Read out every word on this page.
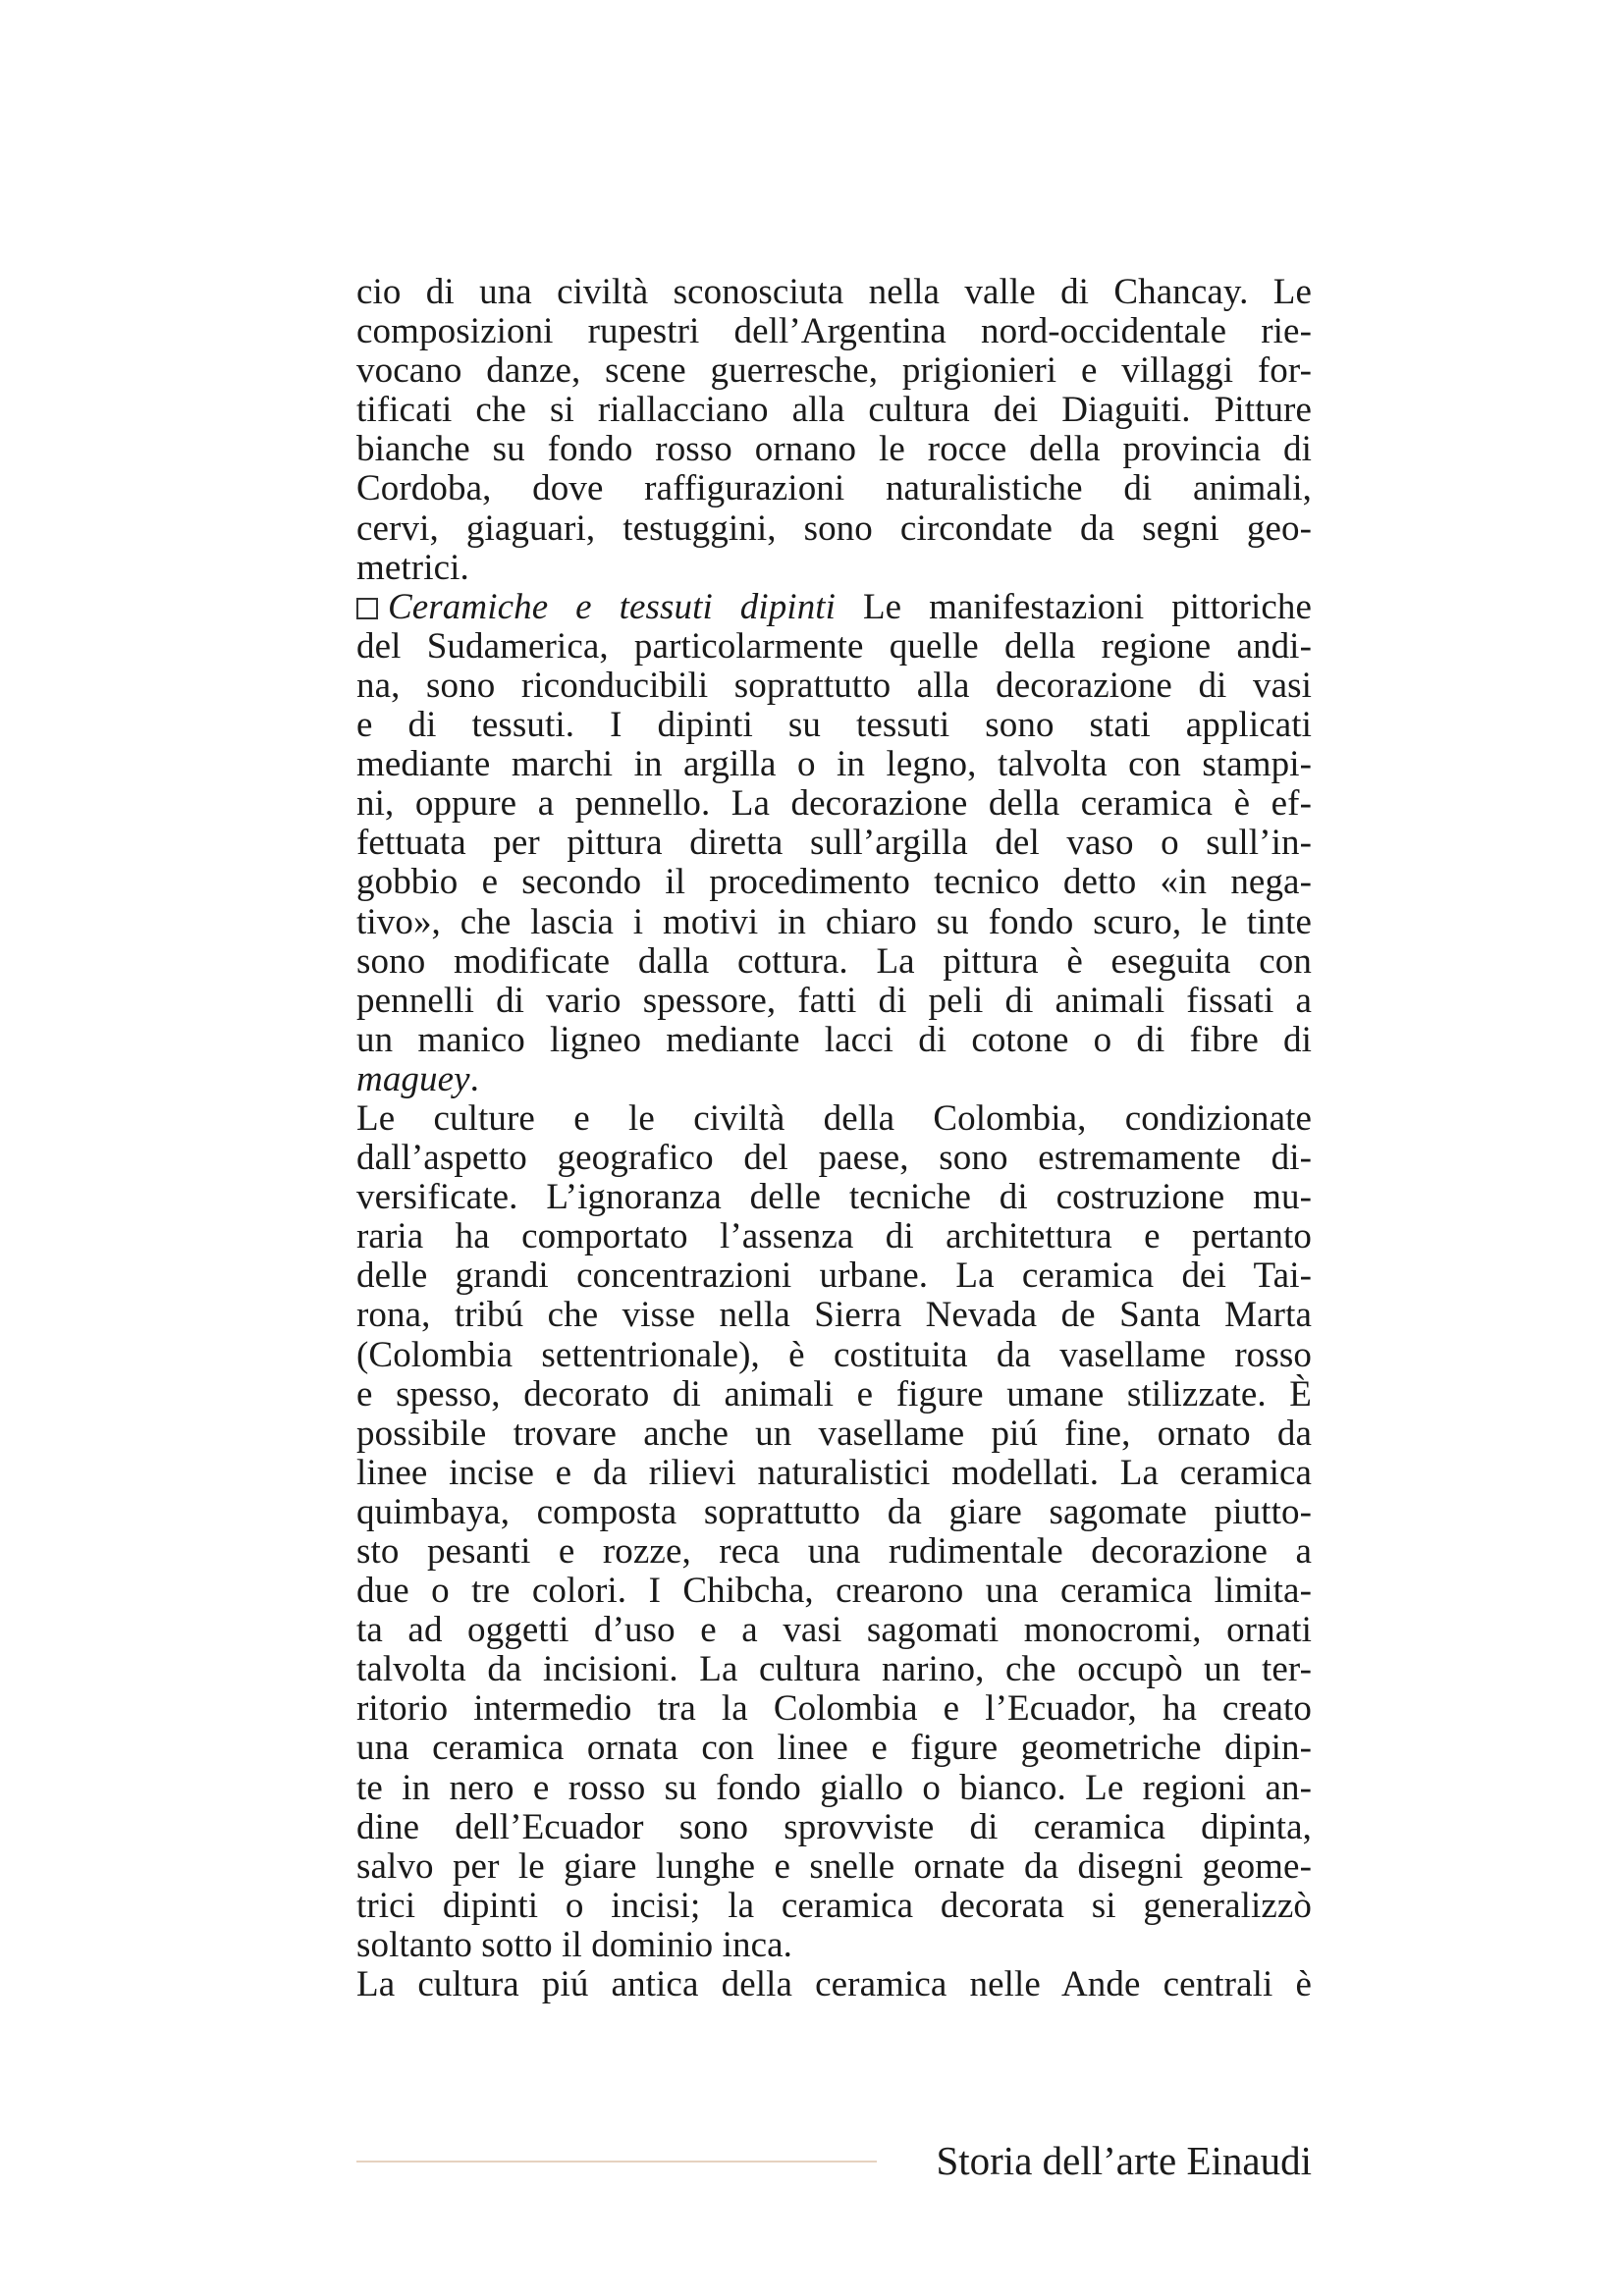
cio di una civiltà sconosciuta nella valle di Chancay. Le
composizioni rupestri dell’Argentina nord-occidentale rie-
vocano danze, scene guerresche, prigionieri e villaggi for-
tificati che si riallacciano alla cultura dei Diaguiti. Pitture
bianche su fondo rosso ornano le rocce della provincia di
Cordoba, dove raffigurazioni naturalistiche di animali,
cervi, giaguari, testuggini, sono circondate da segni geo-
metrici.
Ceramiche e tessuti dipinti Le manifestazioni pittoriche
del Sudamerica, particolarmente quelle della regione andi-
na, sono riconducibili soprattutto alla decorazione di vasi
e di tessuti. I dipinti su tessuti sono stati applicati
mediante marchi in argilla o in legno, talvolta con stampi-
ni, oppure a pennello. La decorazione della ceramica è ef-
fettuata per pittura diretta sull’argilla del vaso o sull’in-
gobbio e secondo il procedimento tecnico detto «in nega-
tivo», che lascia i motivi in chiaro su fondo scuro, le tinte
sono modificate dalla cottura. La pittura è eseguita con
pennelli di vario spessore, fatti di peli di animali fissati a
un manico ligneo mediante lacci di cotone o di fibre di
maguey.
Le culture e le civiltà della Colombia, condizionate
dall’aspetto geografico del paese, sono estremamente di-
versificate. L’ignoranza delle tecniche di costruzione mu-
raria ha comportato l’assenza di architettura e pertanto
delle grandi concentrazioni urbane. La ceramica dei Tai-
rona, tribú che visse nella Sierra Nevada de Santa Marta
(Colombia settentrionale), è costituita da vasellame rosso
e spesso, decorato di animali e figure umane stilizzate. È
possibile trovare anche un vasellame piú fine, ornato da
linee incise e da rilievi naturalistici modellati. La ceramica
quimbaya, composta soprattutto da giare sagomate piutto-
sto pesanti e rozze, reca una rudimentale decorazione a
due o tre colori. I Chibcha, crearono una ceramica limita-
ta ad oggetti d’uso e a vasi sagomati monocromi, ornati
talvolta da incisioni. La cultura narino, che occupò un ter-
ritorio intermedio tra la Colombia e l’Ecuador, ha creato
una ceramica ornata con linee e figure geometriche dipin-
te in nero e rosso su fondo giallo o bianco. Le regioni an-
dine dell’Ecuador sono sprovviste di ceramica dipinta,
salvo per le giare lunghe e snelle ornate da disegni geome-
trici dipinti o incisi; la ceramica decorata si generalizzò
soltanto sotto il dominio inca.
La cultura piú antica della ceramica nelle Ande centrali è
Storia dell’arte Einaudi
